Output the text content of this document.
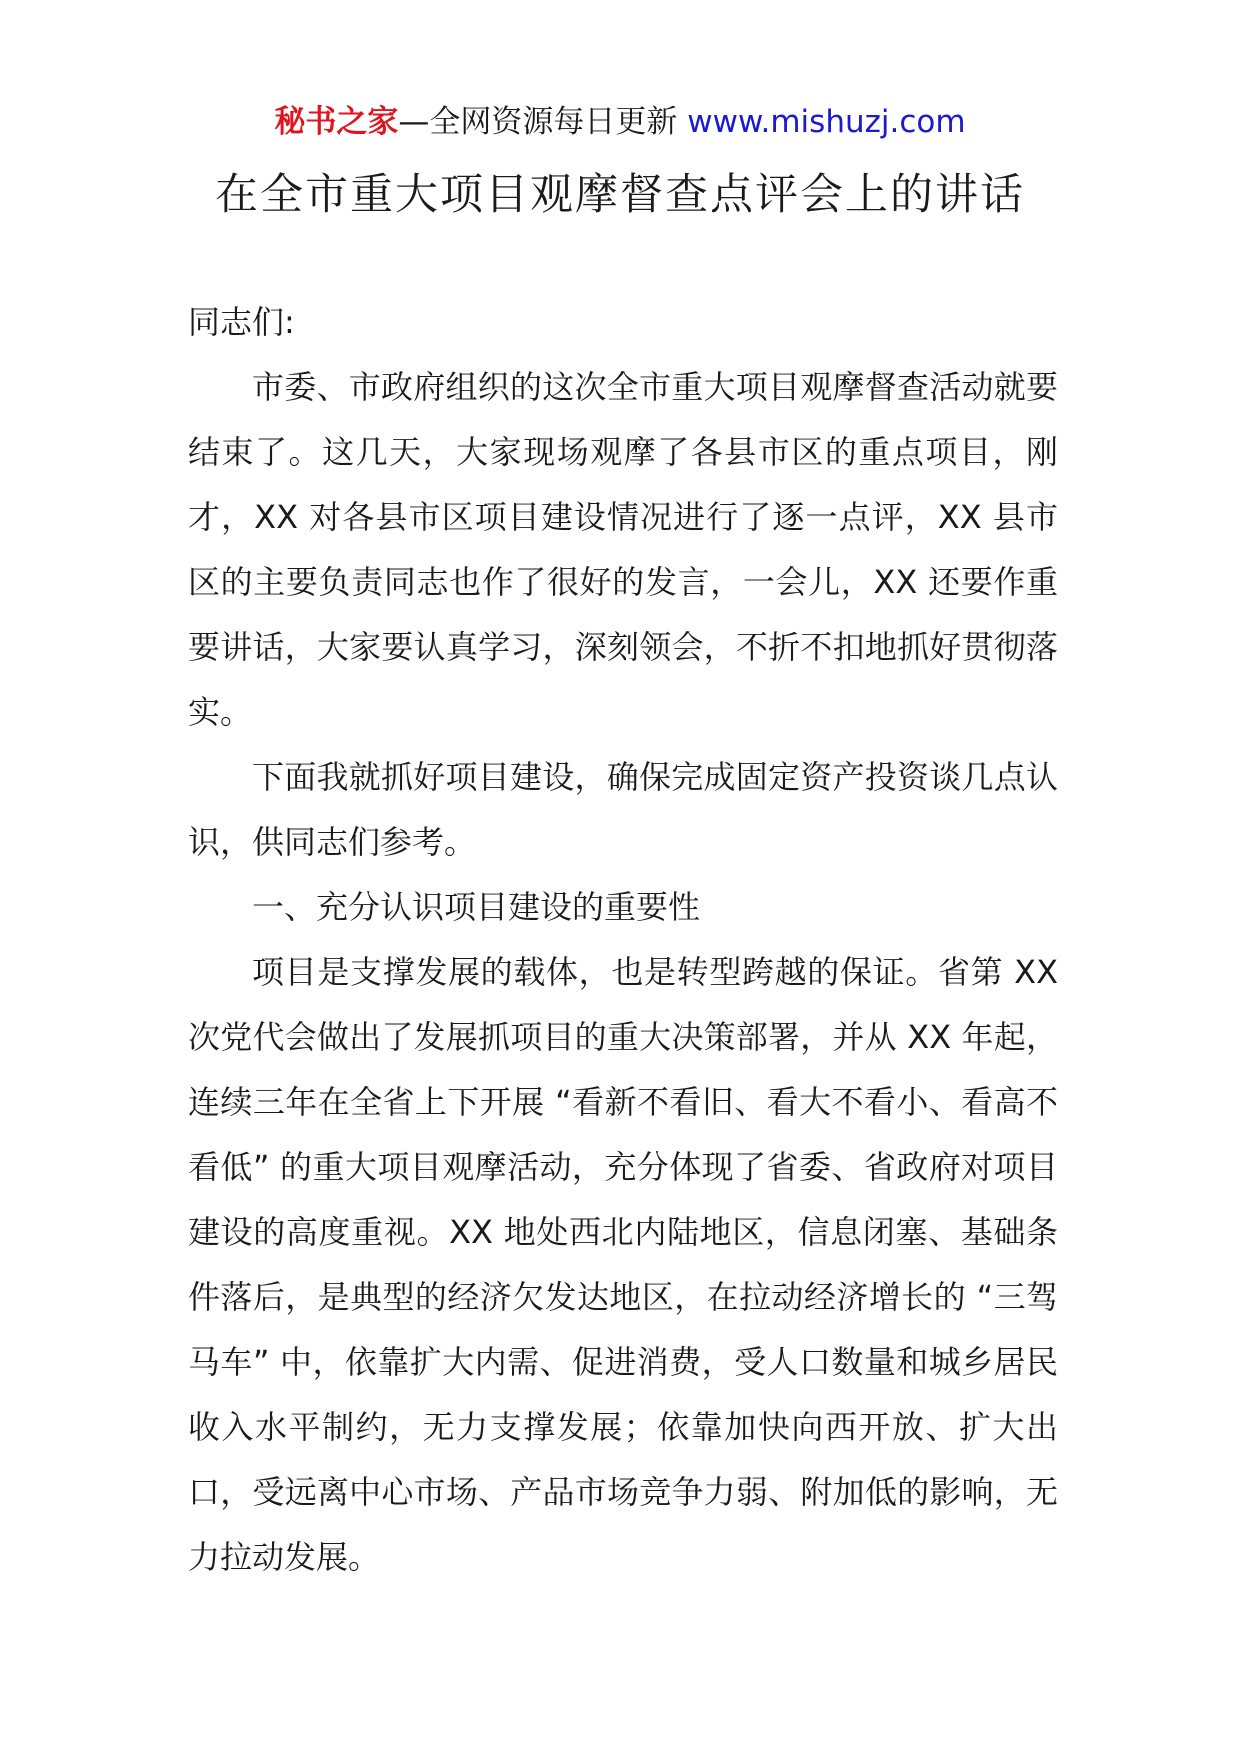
秘书之家—全网资源每日更新 www.mishuzj.com
在全市重大项目观摩督查点评会上的讲话

同志们:

市委、市政府组织的这次全市重大项目观摩督查活动就要结束了。这几天，大家现场观摩了各县市区的重点项目，刚才，XX 对各县市区项目建设情况进行了逐一点评，XX 县市区的主要负责同志也作了很好的发言，一会儿，XX 还要作重要讲话，大家要认真学习，深刻领会，不折不扣地抓好贯彻落实。

下面我就抓好项目建设，确保完成固定资产投资谈几点认识，供同志们参考。

一、充分认识项目建设的重要性

项目是支撑发展的载体，也是转型跨越的保证。省第 XX 次党代会做出了发展抓项目的重大决策部署，并从 XX 年起，连续三年在全省上下开展 “看新不看旧、看大不看小、看高不看低” 的重大项目观摩活动，充分体现了省委、省政府对项目建设的高度重视。XX 地处西北内陆地区，信息闭塞、基础条件落后，是典型的经济欠发达地区，在拉动经济增长的 “三驾马车” 中，依靠扩大内需、促进消费，受人口数量和城乡居民收入水平制约，无力支撑发展；依靠加快向西开放、扩大出口，受远离中心市场、产品市场竞争力弱、附加低的影响，无力拉动发展。
